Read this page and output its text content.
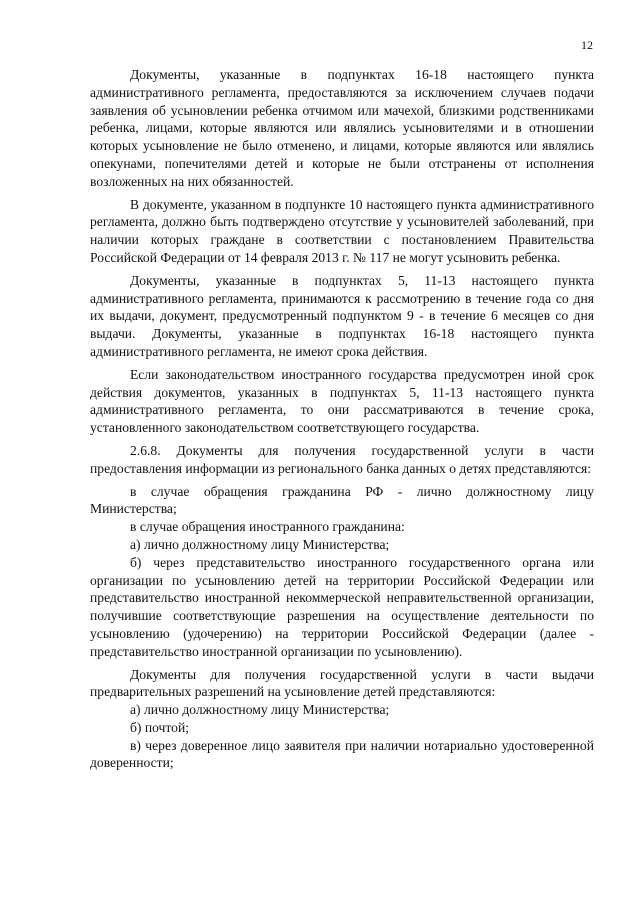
12

Документы, указанные в подпунктах 16-18 настоящего пункта административного регламента, предоставляются за исключением случаев подачи заявления об усыновлении ребенка отчимом или мачехой, близкими родственниками ребенка, лицами, которые являются или являлись усыновителями и в отношении которых усыновление не было отменено, и лицами, которые являются или являлись опекунами, попечителями детей и которые не были отстранены от исполнения возложенных на них обязанностей.

В документе, указанном в подпункте 10 настоящего пункта административного регламента, должно быть подтверждено отсутствие у усыновителей заболеваний, при наличии которых граждане в соответствии с постановлением Правительства Российской Федерации от 14 февраля 2013 г. № 117 не могут усыновить ребенка.

Документы, указанные в подпунктах 5, 11-13 настоящего пункта административного регламента, принимаются к рассмотрению в течение года со дня их выдачи, документ, предусмотренный подпунктом 9 - в течение 6 месяцев со дня выдачи. Документы, указанные в подпунктах 16-18 настоящего пункта административного регламента, не имеют срока действия.

Если законодательством иностранного государства предусмотрен иной срок действия документов, указанных в подпунктах 5, 11-13 настоящего пункта административного регламента, то они рассматриваются в течение срока, установленного законодательством соответствующего государства.

2.6.8. Документы для получения государственной услуги в части предоставления информации из регионального банка данных о детях представляются:

в случае обращения гражданина РФ - лично должностному лицу Министерства;

в случае обращения иностранного гражданина:

а) лично должностному лицу Министерства;

б) через представительство иностранного государственного органа или организации по усыновлению детей на территории Российской Федерации или представительство иностранной некоммерческой неправительственной организации, получившие соответствующие разрешения на осуществление деятельности по усыновлению (удочерению) на территории Российской Федерации (далее - представительство иностранной организации по усыновлению).

Документы для получения государственной услуги в части выдачи предварительных разрешений на усыновление детей представляются:

а) лично должностному лицу Министерства;

б) почтой;

в) через доверенное лицо заявителя при наличии нотариально удостоверенной доверенности;
